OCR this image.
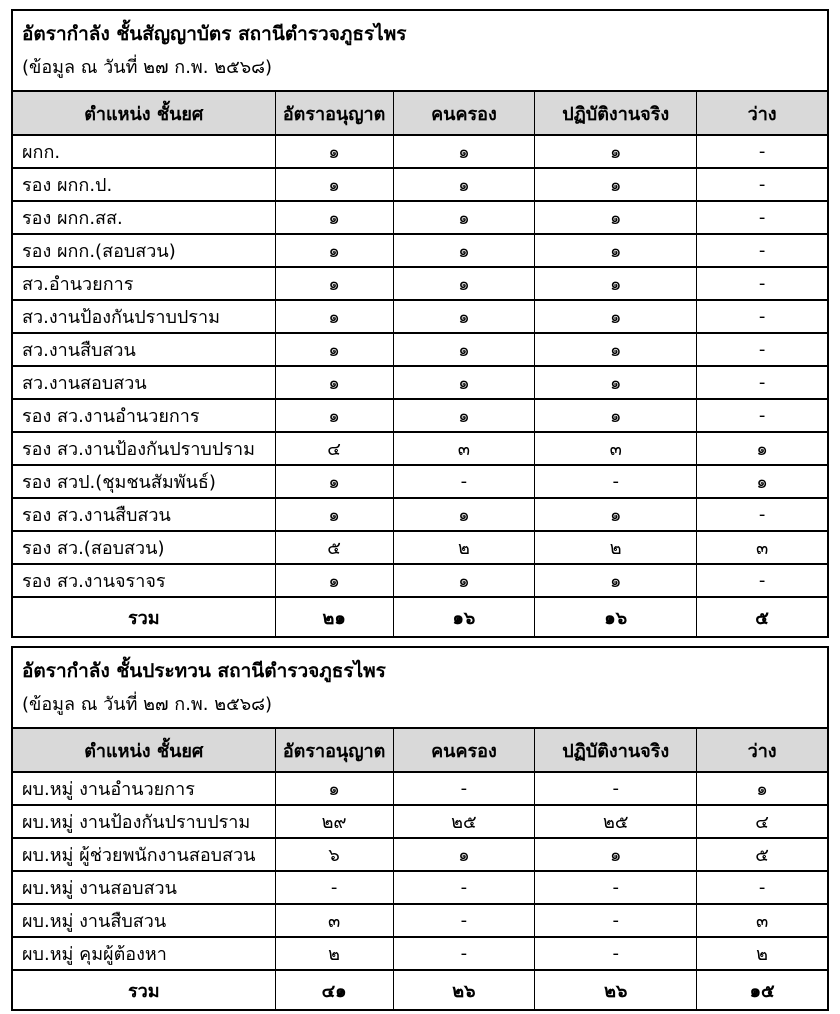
อัตรากำลัง ชั้นสัญญาบัตร สถานีตำรวจภูธรไพร
(ข้อมูล ณ วันที่ ๒๗ ก.พ. ๒๕๖๘)
ตำแหน่ง ชั้นยศ	อัตราอนุญาต	คนครอง	ปฏิบัติงานจริง	ว่าง
ผกก.	๑	๑	๑	-
รอง ผกก.ป.	๑	๑	๑	-
รอง ผกก.สส.	๑	๑	๑	-
รอง ผกก.(สอบสวน)	๑	๑	๑	-
สว.อำนวยการ	๑	๑	๑	-
สว.งานป้องกันปราบปราม	๑	๑	๑	-
สว.งานสืบสวน	๑	๑	๑	-
สว.งานสอบสวน	๑	๑	๑	-
รอง สว.งานอำนวยการ	๑	๑	๑	-
รอง สว.งานป้องกันปราบปราม	๔	๓	๓	๑
รอง สวป.(ชุมชนสัมพันธ์)	๑	-	-	๑
รอง สว.งานสืบสวน	๑	๑	๑	-
รอง สว.(สอบสวน)	๕	๒	๒	๓
รอง สว.งานจราจร	๑	๑	๑	-
รวม	๒๑	๑๖	๑๖	๕
อัตรากำลัง ชั้นประทวน สถานีตำรวจภูธรไพร
(ข้อมูล ณ วันที่ ๒๗ ก.พ. ๒๕๖๘)
ตำแหน่ง ชั้นยศ	อัตราอนุญาต	คนครอง	ปฏิบัติงานจริง	ว่าง
ผบ.หมู่ งานอำนวยการ	๑	-	-	๑
ผบ.หมู่ งานป้องกันปราบปราม	๒๙	๒๕	๒๕	๔
ผบ.หมู่ ผู้ช่วยพนักงานสอบสวน	๖	๑	๑	๕
ผบ.หมู่ งานสอบสวน	-	-	-	-
ผบ.หมู่ งานสืบสวน	๓	-	-	๓
ผบ.หมู่ คุมผู้ต้องหา	๒	-	-	๒
รวม	๔๑	๒๖	๒๖	๑๕
